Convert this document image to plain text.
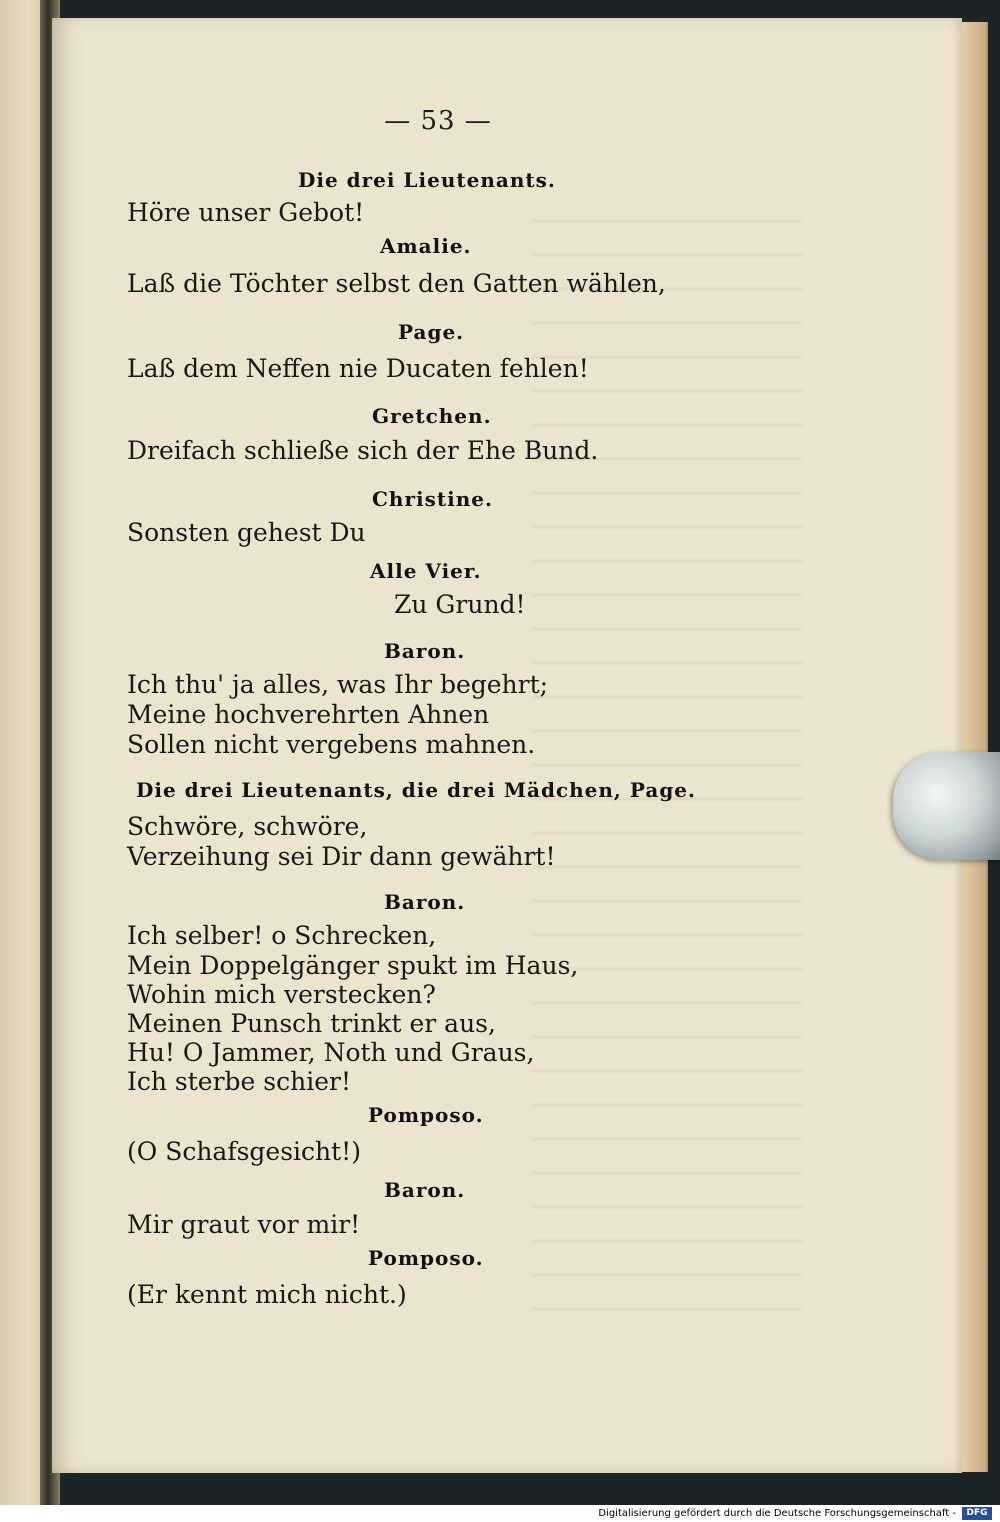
— 53 —
Die drei Lieutenants.
Höre unser Gebot!
Amalie.
Laß die Töchter selbst den Gatten wählen,
Page.
Laß dem Neffen nie Ducaten fehlen!
Gretchen.
Dreifach schließe sich der Ehe Bund.
Christine.
Sonsten gehest Du
Alle Vier.
Zu Grund!
Baron.
Ich thu' ja alles, was Ihr begehrt;
Meine hochverehrten Ahnen
Sollen nicht vergebens mahnen.
Die drei Lieutenants, die drei Mädchen, Page.
Schwöre, schwöre,
Verzeihung sei Dir dann gewährt!
Baron.
Ich selber! o Schrecken,
Mein Doppelgänger spukt im Haus,
Wohin mich verstecken?
Meinen Punsch trinkt er aus,
Hu! O Jammer, Noth und Graus,
Ich sterbe schier!
Pomposo.
(O Schafsgesicht!)
Baron.
Mir graut vor mir!
Pomposo.
(Er kennt mich nicht.)
Digitalisierung gefördert durch die Deutsche Forschungsgemeinschaft -	DFG
